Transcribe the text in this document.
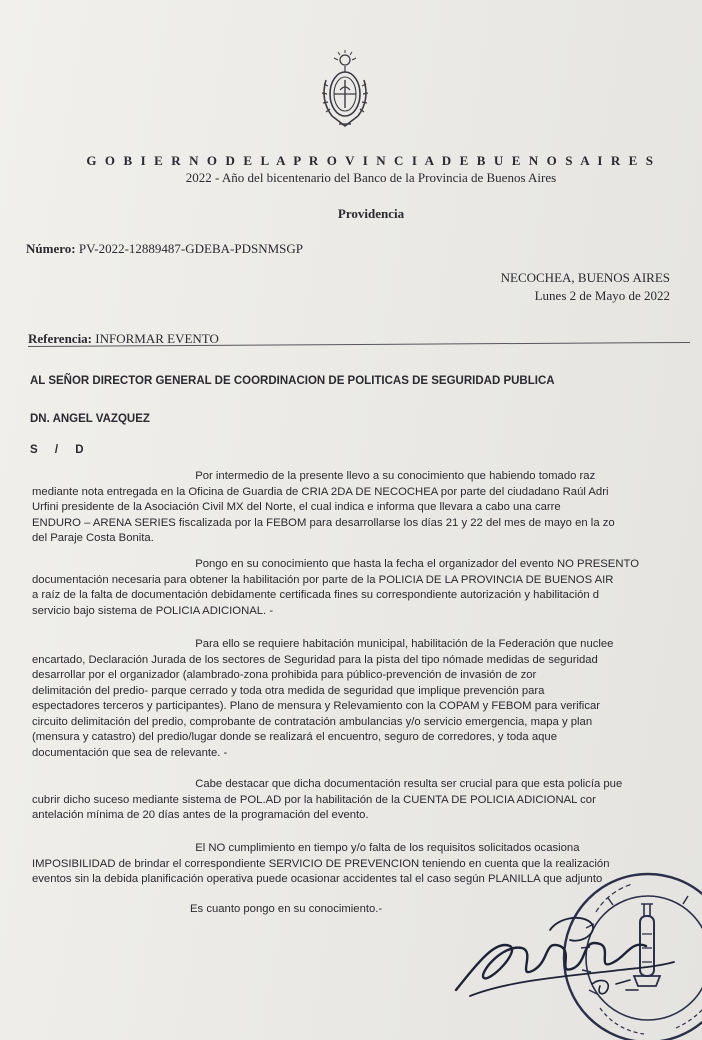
G O B I E R N O D E L A P R O V I N C I A D E B U E N O S A I R E S
2022 - Año del bicentenario del Banco de la Provincia de Buenos Aires
Providencia
Número: PV-2022-12889487-GDEBA-PDSNMSGP
NECOCHEA, BUENOS AIRES
Lunes 2 de Mayo de 2022
Referencia: INFORMAR EVENTO
AL SEÑOR DIRECTOR GENERAL DE COORDINACION DE POLITICAS DE SEGURIDAD PUBLICA
DN. ANGEL VAZQUEZ
S / D
Por intermedio de la presente llevo a su conocimiento que habiendo tomado raz
mediante nota entregada en la Oficina de Guardia de CRIA 2DA DE NECOCHEA por parte del ciudadano Raúl Adri
Urfini presidente de la Asociación Civil MX del Norte, el cual indica e informa que llevara a cabo una carre
ENDURO – ARENA SERIES fiscalizada por la FEBOM para desarrollarse los días 21 y 22 del mes de mayo en la zo
del Paraje Costa Bonita.
Pongo en su conocimiento que hasta la fecha el organizador del evento NO PRESENTO
documentación necesaria para obtener la habilitación por parte de la POLICIA DE LA PROVINCIA DE BUENOS AIR
a raíz de la falta de documentación debidamente certificada fines su correspondiente autorización y habilitación d
servicio bajo sistema de POLICIA ADICIONAL. -
Para ello se requiere habitación municipal, habilitación de la Federación que nuclee
encartado, Declaración Jurada de los sectores de Seguridad para la pista del tipo nómade medidas de seguridad
desarrollar por el organizador (alambrado-zona prohibida para público-prevención de invasión de zor
delimitación del predio- parque cerrado y toda otra medida de seguridad que implique prevención para
espectadores terceros y participantes). Plano de mensura y Relevamiento con la COPAM y FEBOM para verificar
circuito delimitación del predio, comprobante de contratación ambulancias y/o servicio emergencia, mapa y plan
(mensura y catastro) del predio/lugar donde se realizará el encuentro, seguro de corredores, y toda aque
documentación que sea de relevante. -
Cabe destacar que dicha documentación resulta ser crucial para que esta policía pue
cubrir dicho suceso mediante sistema de POL.AD por la habilitación de la CUENTA DE POLICIA ADICIONAL cor
antelación mínima de 20 días antes de la programación del evento.
El NO cumplimiento en tiempo y/o falta de los requisitos solicitados ocasiona
IMPOSIBILIDAD de brindar el correspondiente SERVICIO DE PREVENCION teniendo en cuenta que la realización
eventos sin la debida planificación operativa puede ocasionar accidentes tal el caso según PLANILLA que adjunto
Es cuanto pongo en su conocimiento.-
